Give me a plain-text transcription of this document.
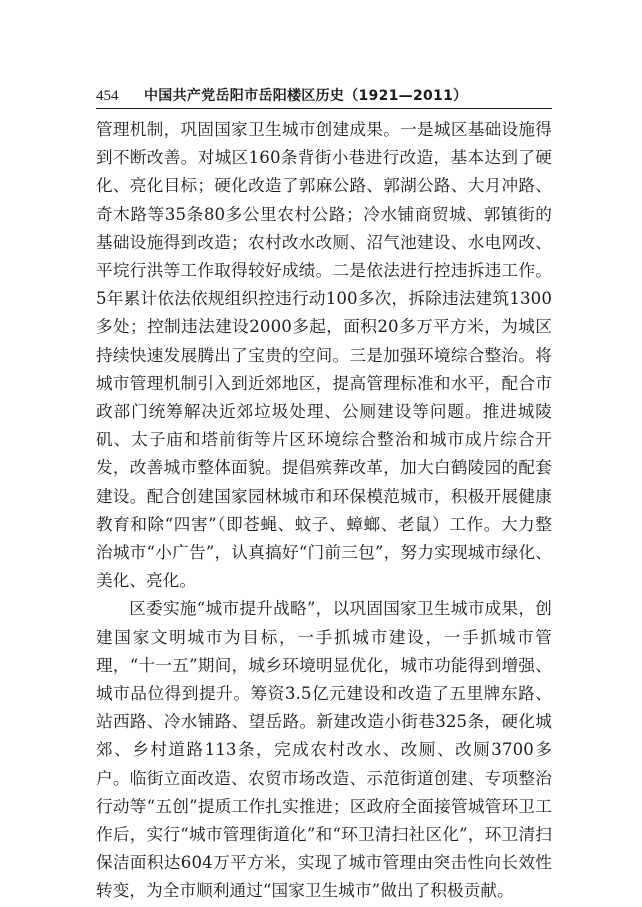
454	中国共产党岳阳市岳阳楼区历史（1921—2011）

管理机制，巩固国家卫生城市创建成果。一是城区基础设施得到不断改善。对城区160条背街小巷进行改造，基本达到了硬化、亮化目标；硬化改造了郭麻公路、郭湖公路、大月冲路、奇木路等35条80多公里农村公路；冷水铺商贸城、郭镇街的基础设施得到改造；农村改水改厕、沼气池建设、水电网改、平垸行洪等工作取得较好成绩。二是依法进行控违拆违工作。5年累计依法依规组织控违行动100多次，拆除违法建筑1300多处；控制违法建设2000多起，面积20多万平方米，为城区持续快速发展腾出了宝贵的空间。三是加强环境综合整治。将城市管理机制引入到近郊地区，提高管理标准和水平，配合市政部门统筹解决近郊垃圾处理、公厕建设等问题。推进城陵矶、太子庙和塔前街等片区环境综合整治和城市成片综合开发，改善城市整体面貌。提倡殡葬改革，加大白鹤陵园的配套建设。配合创建国家园林城市和环保模范城市，积极开展健康教育和除“四害”（即苍蝇、蚊子、蟑螂、老鼠）工作。大力整治城市“小广告”，认真搞好“门前三包”，努力实现城市绿化、美化、亮化。

区委实施“城市提升战略”，以巩固国家卫生城市成果，创建国家文明城市为目标，一手抓城市建设，一手抓城市管理，“十一五”期间，城乡环境明显优化，城市功能得到增强、城市品位得到提升。筹资3.5亿元建设和改造了五里牌东路、站西路、冷水铺路、望岳路。新建改造小街巷325条，硬化城郊、乡村道路113条，完成农村改水、改厕、改厕3700多户。临街立面改造、农贸市场改造、示范街道创建、专项整治行动等“五创”提质工作扎实推进；区政府全面接管城管环卫工作后，实行“城市管理街道化”和“环卫清扫社区化”，环卫清扫保洁面积达604万平方米，实现了城市管理由突击性向长效性转变，为全市顺利通过“国家卫生城市”做出了积极贡献。
